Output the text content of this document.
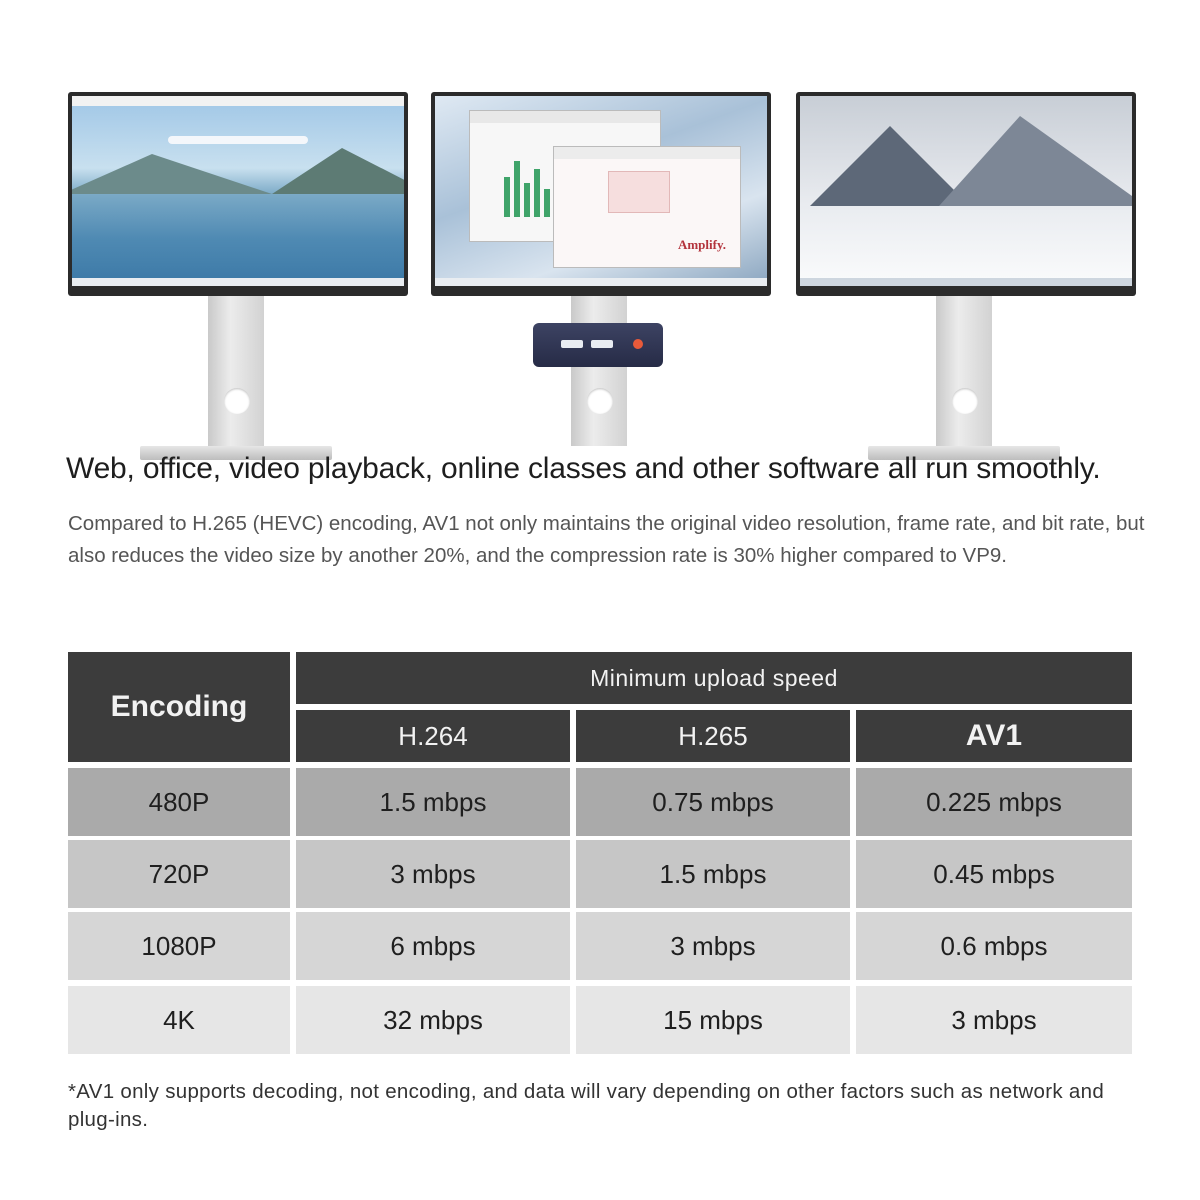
Amplify.
Web, office, video playback, online classes and other software all run smoothly.

Compared to H.265 (HEVC) encoding, AV1 not only maintains the original video resolution, frame rate, and bit rate, but also reduces the video size by another 20%, and the compression rate is 30% higher compared to VP9.

Encoding
Minimum upload speed
H.264	H.265	AV1
480P	1.5 mbps	0.75 mbps	0.225 mbps
720P	3 mbps	1.5 mbps	0.45 mbps
1080P	6 mbps	3 mbps	0.6 mbps
4K	32 mbps	15 mbps	3 mbps

*AV1 only supports decoding, not encoding, and data will vary depending on other factors such as network and plug-ins.
